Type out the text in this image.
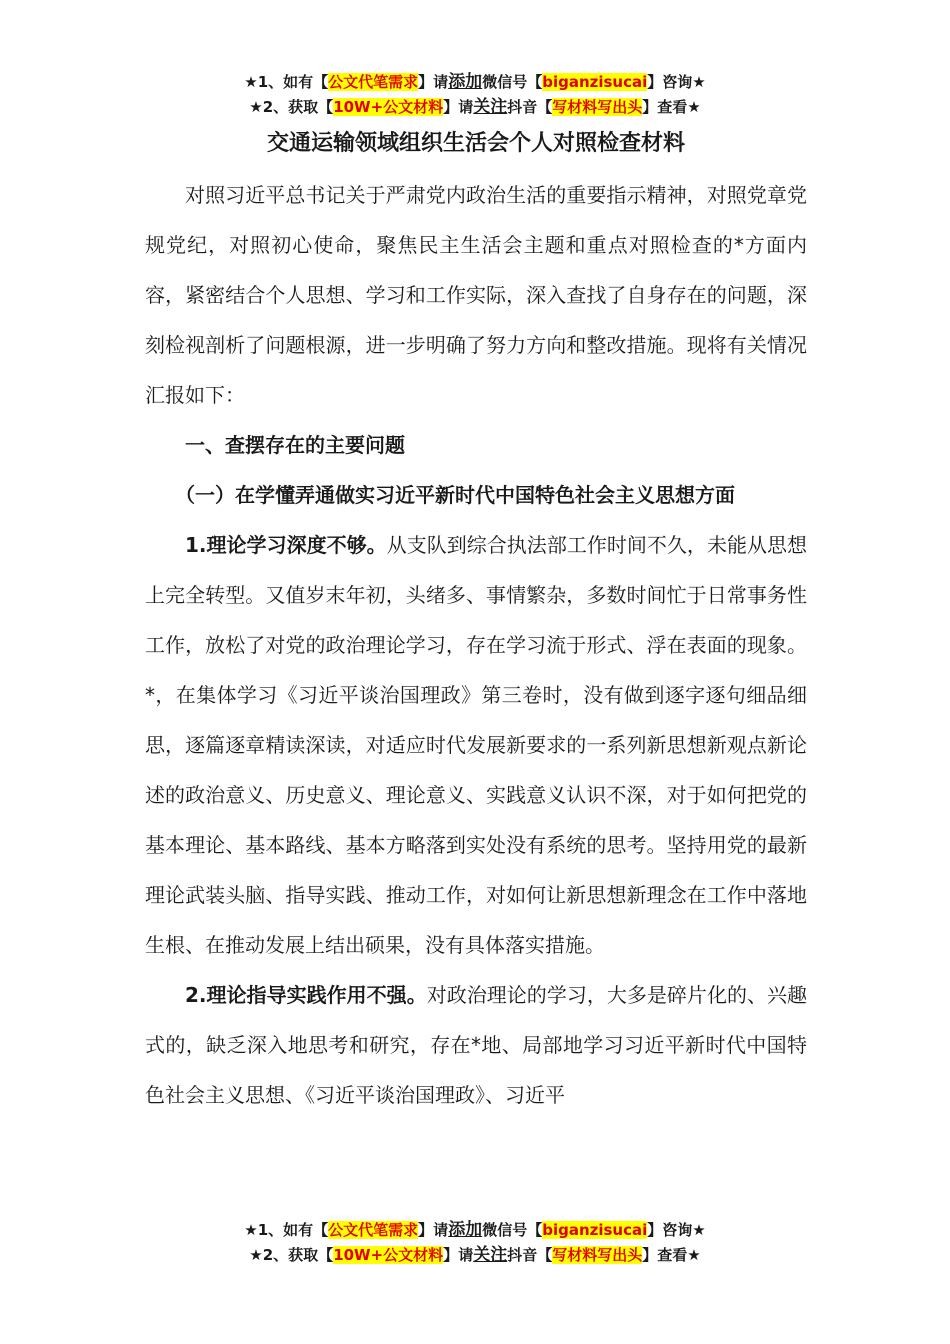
★1、如有【公文代笔需求】请添加微信号【biganzisucai】咨询★
★2、获取【10W+公文材料】请关注抖音【写材料写出头】查看★
交通运输领域组织生活会个人对照检查材料

对照习近平总书记关于严肃党内政治生活的重要指示精神，对照党章党规党纪，对照初心使命，聚焦民主生活会主题和重点对照检查的*方面内容，紧密结合个人思想、学习和工作实际，深入查找了自身存在的问题，深刻检视剖析了问题根源，进一步明确了努力方向和整改措施。现将有关情况汇报如下：

一、查摆存在的主要问题

（一）在学懂弄通做实习近平新时代中国特色社会主义思想方面

1.理论学习深度不够。从支队到综合执法部工作时间不久，未能从思想上完全转型。又值岁末年初，头绪多、事情繁杂，多数时间忙于日常事务性工作，放松了对党的政治理论学习，存在学习流于形式、浮在表面的现象。*，在集体学习《习近平谈治国理政》第三卷时，没有做到逐字逐句细品细思，逐篇逐章精读深读，对适应时代发展新要求的一系列新思想新观点新论述的政治意义、历史意义、理论意义、实践意义认识不深，对于如何把党的基本理论、基本路线、基本方略落到实处没有系统的思考。坚持用党的最新理论武装头脑、指导实践、推动工作，对如何让新思想新理念在工作中落地生根、在推动发展上结出硕果，没有具体落实措施。

2.理论指导实践作用不强。对政治理论的学习，大多是碎片化的、兴趣式的，缺乏深入地思考和研究，存在*地、局部地学习习近平新时代中国特色社会主义思想、《习近平谈治国理政》、习近平

★1、如有【公文代笔需求】请添加微信号【biganzisucai】咨询★
★2、获取【10W+公文材料】请关注抖音【写材料写出头】查看★
